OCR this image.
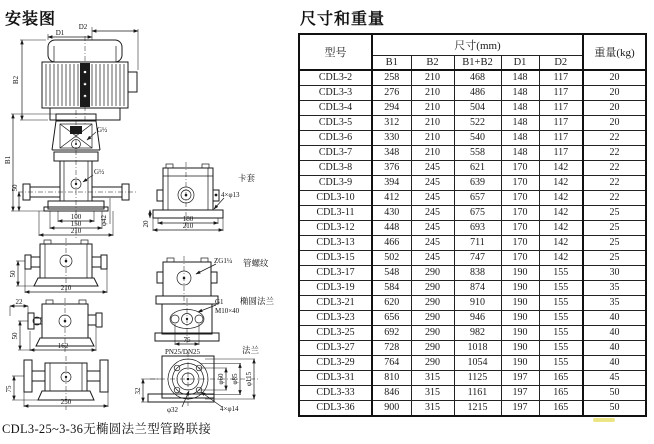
安装图	尺寸和重量
D1
D2
B2
G½
G½
B1
50
φ42
100
150
210
50
210
22
50
162
75
250
20
卡套
4×φ13
180
210
ZG1¼ 管螺纹
G1
M10×40
椭圆法兰
75
PN25/DN25	法兰
φ60 φ85 φ115
32
φ32	4×φ14
型号	尺寸(mm)					重量(kg)
	B1	B2	B1+B2	D1	D2	
CDL3-2	258	210	468	148	117	20
CDL3-3	276	210	486	148	117	20
CDL3-4	294	210	504	148	117	20
CDL3-5	312	210	522	148	117	20
CDL3-6	330	210	540	148	117	22
CDL3-7	348	210	558	148	117	22
CDL3-8	376	245	621	170	142	22
CDL3-9	394	245	639	170	142	22
CDL3-10	412	245	657	170	142	22
CDL3-11	430	245	675	170	142	25
CDL3-12	448	245	693	170	142	25
CDL3-13	466	245	711	170	142	25
CDL3-15	502	245	747	170	142	25
CDL3-17	548	290	838	190	155	30
CDL3-19	584	290	874	190	155	35
CDL3-21	620	290	910	190	155	35
CDL3-23	656	290	946	190	155	40
CDL3-25	692	290	982	190	155	40
CDL3-27	728	290	1018	190	155	40
CDL3-29	764	290	1054	190	155	40
CDL3-31	810	315	1125	197	165	45
CDL3-33	846	315	1161	197	165	50
CDL3-36	900	315	1215	197	165	50
CDL3-25~3-36无椭圆法兰型管路联接
